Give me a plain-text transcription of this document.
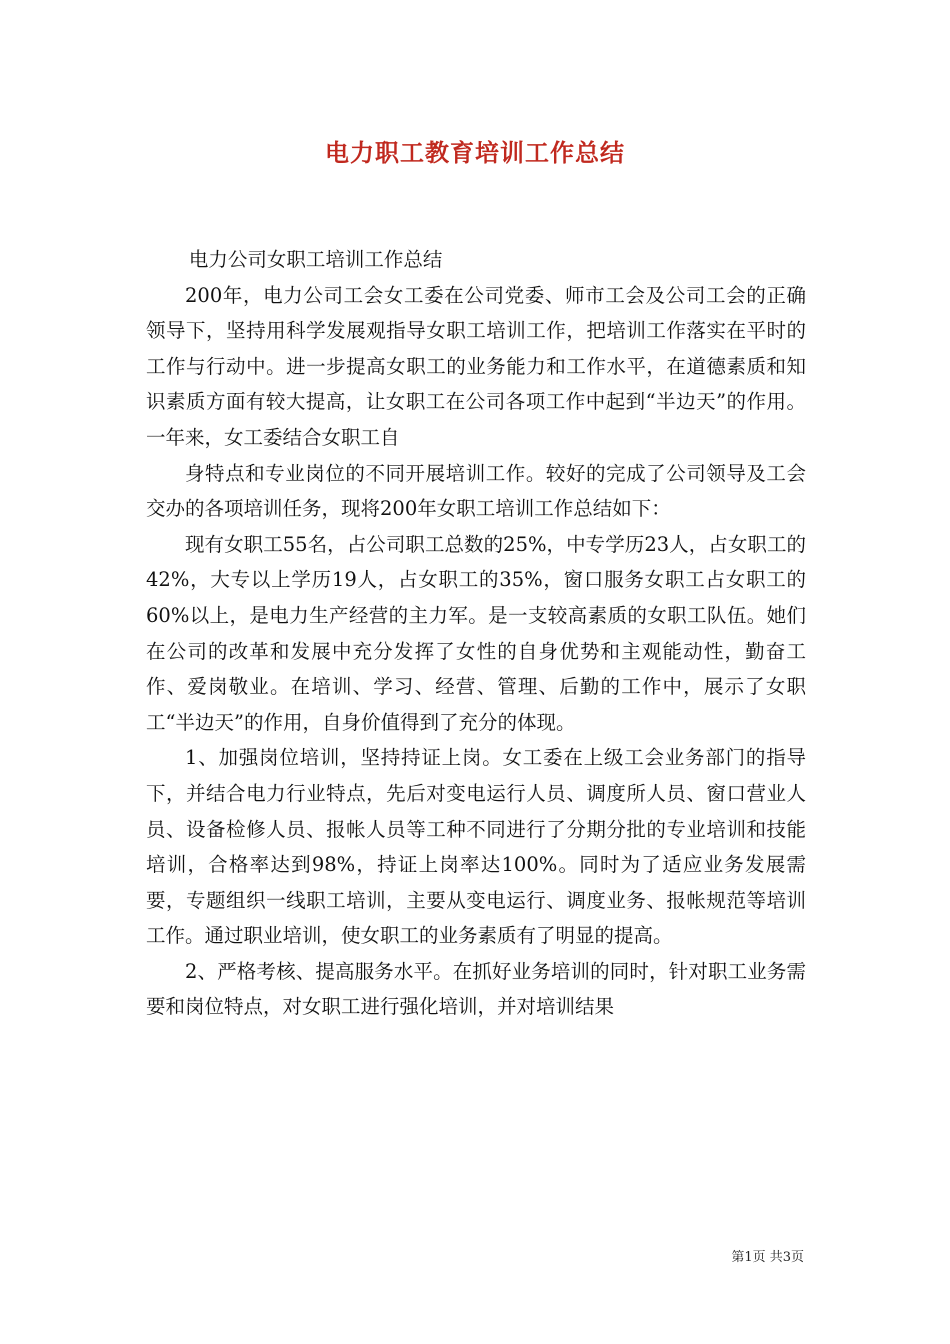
电力职工教育培训工作总结

电力公司女职工培训工作总结

200年，电力公司工会女工委在公司党委、师市工会及公司工会的正确领导下，坚持用科学发展观指导女职工培训工作，把培训工作落实在平时的工作与行动中。进一步提高女职工的业务能力和工作水平，在道德素质和知识素质方面有较大提高，让女职工在公司各项工作中起到“半边天”的作用。一年来，女工委结合女职工自

身特点和专业岗位的不同开展培训工作。较好的完成了公司领导及工会交办的各项培训任务，现将200年女职工培训工作总结如下：

现有女职工55名，占公司职工总数的25%，中专学历23人，占女职工的42%，大专以上学历19人，占女职工的35%，窗口服务女职工占女职工的60%以上，是电力生产经营的主力军。是一支较高素质的女职工队伍。她们在公司的改革和发展中充分发挥了女性的自身优势和主观能动性，勤奋工作、爱岗敬业。在培训、学习、经营、管理、后勤的工作中，展示了女职工“半边天”的作用，自身价值得到了充分的体现。

1、加强岗位培训，坚持持证上岗。女工委在上级工会业务部门的指导下，并结合电力行业特点，先后对变电运行人员、调度所人员、窗口营业人员、设备检修人员、报帐人员等工种不同进行了分期分批的专业培训和技能培训，合格率达到98%，持证上岗率达100%。同时为了适应业务发展需要，专题组织一线职工培训，主要从变电运行、调度业务、报帐规范等培训工作。通过职业培训，使女职工的业务素质有了明显的提高。

2、严格考核、提高服务水平。在抓好业务培训的同时，针对职工业务需要和岗位特点，对女职工进行强化培训，并对培训结果

第1页 共3页
